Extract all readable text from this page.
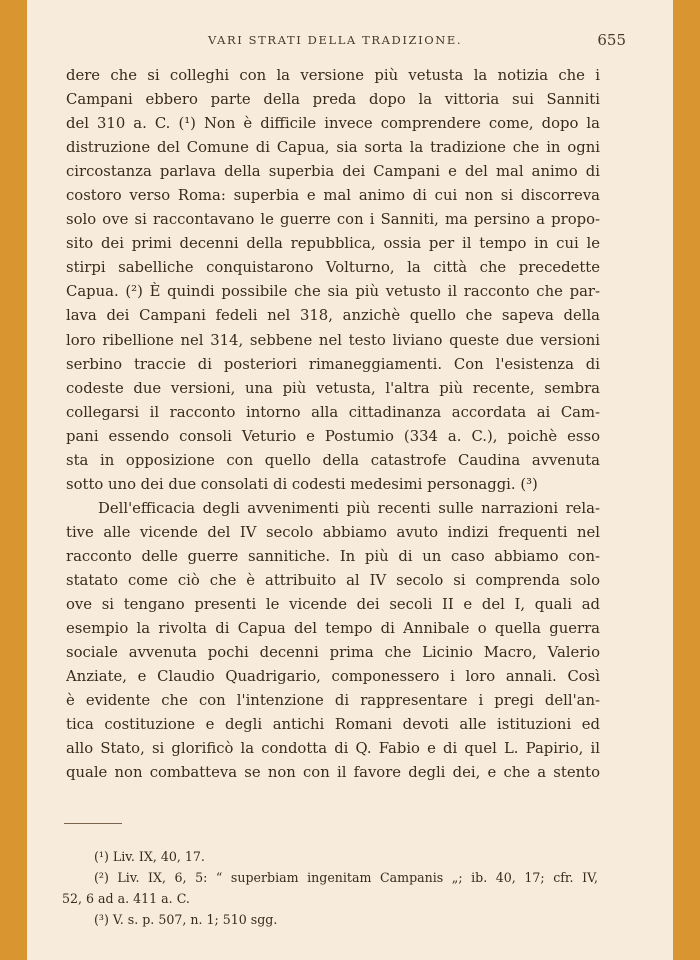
VARI STRATI DELLA TRADIZIONE.	655
dere che si colleghi con la versione più vetusta la notizia che i
Campani ebbero parte della preda dopo la vittoria sui Sanniti
del 310 a. C. (¹) Non è difficile invece comprendere come, dopo la
distruzione del Comune di Capua, sia sorta la tradizione che in ogni
circostanza parlava della superbia dei Campani e del mal animo di
costoro verso Roma: superbia e mal animo di cui non si discorreva
solo ove si raccontavano le guerre con i Sanniti, ma persino a propo-
sito dei primi decenni della repubblica, ossia per il tempo in cui le
stirpi sabelliche conquistarono Volturno, la città che precedette
Capua. (²) È quindi possibile che sia più vetusto il racconto che par-
lava dei Campani fedeli nel 318, anzichè quello che sapeva della
loro ribellione nel 314, sebbene nel testo liviano queste due versioni
serbino traccie di posteriori rimaneggiamenti. Con l'esistenza di
codeste due versioni, una più vetusta, l'altra più recente, sembra
collegarsi il racconto intorno alla cittadinanza accordata ai Cam-
pani essendo consoli Veturio e Postumio (334 a. C.), poichè esso
sta in opposizione con quello della catastrofe Caudina avvenuta
sotto uno dei due consolati di codesti medesimi personaggi. (³)
Dell'efficacia degli avvenimenti più recenti sulle narrazioni rela-
tive alle vicende del IV secolo abbiamo avuto indizi frequenti nel
racconto delle guerre sannitiche. In più di un caso abbiamo con-
statato come ciò che è attribuito al IV secolo si comprenda solo
ove si tengano presenti le vicende dei secoli II e del I, quali ad
esempio la rivolta di Capua del tempo di Annibale o quella guerra
sociale avvenuta pochi decenni prima che Licinio Macro, Valerio
Anziate, e Claudio Quadrigario, componessero i loro annali. Così
è evidente che con l'intenzione di rappresentare i pregi dell'an-
tica costituzione e degli antichi Romani devoti alle istituzioni ed
allo Stato, si glorificò la condotta di Q. Fabio e di quel L. Papirio, il
quale non combatteva se non con il favore degli dei, e che a stento
(¹) Liv. IX, 40, 17.
(²) Liv. IX, 6, 5: “ superbiam ingenitam Campanis „; ib. 40, 17; cfr. IV,
52, 6 ad a. 411 a. C.
(³) V. s. p. 507, n. 1; 510 sgg.
